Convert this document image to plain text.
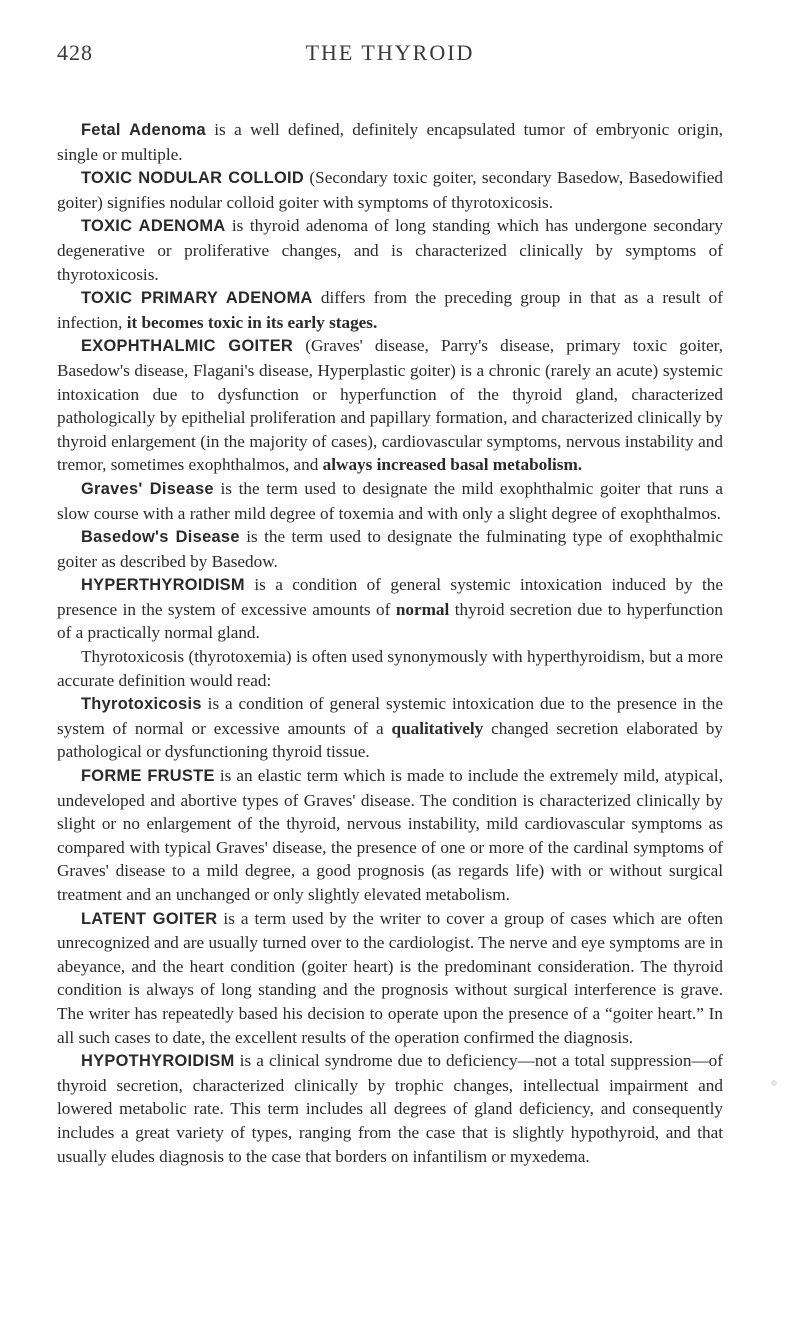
428	THE THYROID

Fetal Adenoma is a well defined, definitely encapsulated tumor of embryonic origin, single or multiple.

TOXIC NODULAR COLLOID (Secondary toxic goiter, secondary Basedow, Basedowified goiter) signifies nodular colloid goiter with symptoms of thyrotoxicosis.

TOXIC ADENOMA is thyroid adenoma of long standing which has undergone secondary degenerative or proliferative changes, and is characterized clinically by symptoms of thyrotoxicosis.

TOXIC PRIMARY ADENOMA differs from the preceding group in that as a result of infection, it becomes toxic in its early stages.

EXOPHTHALMIC GOITER (Graves' disease, Parry's disease, primary toxic goiter, Basedow's disease, Flagani's disease, Hyperplastic goiter) is a chronic (rarely an acute) systemic intoxication due to dysfunction or hyperfunction of the thyroid gland, characterized pathologically by epithelial proliferation and papillary formation, and characterized clinically by thyroid enlargement (in the majority of cases), cardiovascular symptoms, nervous instability and tremor, sometimes exophthalmos, and always increased basal metabolism.

Graves' Disease is the term used to designate the mild exophthalmic goiter that runs a slow course with a rather mild degree of toxemia and with only a slight degree of exophthalmos.

Basedow's Disease is the term used to designate the fulminating type of exophthalmic goiter as described by Basedow.

HYPERTHYROIDISM is a condition of general systemic intoxication induced by the presence in the system of excessive amounts of normal thyroid secretion due to hyperfunction of a practically normal gland.

Thyrotoxicosis (thyrotoxemia) is often used synonymously with hyperthyroidism, but a more accurate definition would read:

Thyrotoxicosis is a condition of general systemic intoxication due to the presence in the system of normal or excessive amounts of a qualitatively changed secretion elaborated by pathological or dysfunctioning thyroid tissue.

FORME FRUSTE is an elastic term which is made to include the extremely mild, atypical, undeveloped and abortive types of Graves' disease. The condition is characterized clinically by slight or no enlargement of the thyroid, nervous instability, mild cardiovascular symptoms as compared with typical Graves' disease, the presence of one or more of the cardinal symptoms of Graves' disease to a mild degree, a good prognosis (as regards life) with or without surgical treatment and an unchanged or only slightly elevated metabolism.

LATENT GOITER is a term used by the writer to cover a group of cases which are often unrecognized and are usually turned over to the cardiologist. The nerve and eye symptoms are in abeyance, and the heart condition (goiter heart) is the predominant consideration. The thyroid condition is always of long standing and the prognosis without surgical interference is grave. The writer has repeatedly based his decision to operate upon the presence of a “goiter heart.” In all such cases to date, the excellent results of the operation confirmed the diagnosis.

HYPOTHYROIDISM is a clinical syndrome due to deficiency—not a total suppression—of thyroid secretion, characterized clinically by trophic changes, intellectual impairment and lowered metabolic rate. This term includes all degrees of gland deficiency, and consequently includes a great variety of types, ranging from the case that is slightly hypothyroid, and that usually eludes diagnosis to the case that borders on infantilism or myxedema.
